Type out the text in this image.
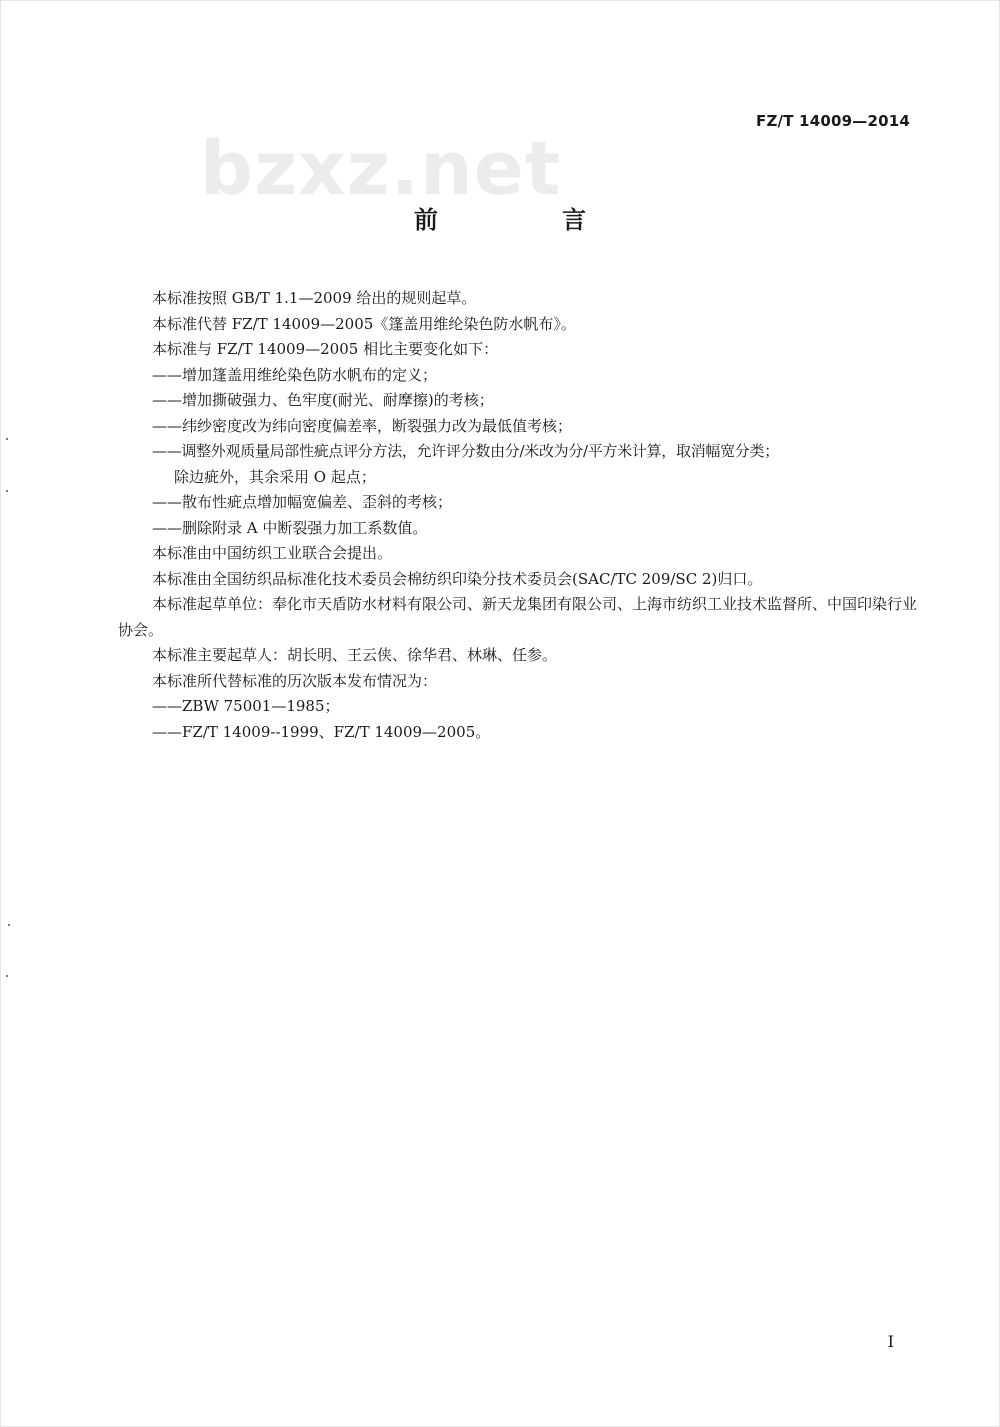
FZ/T 14009—2014
bzxz.net
前　言

本标准按照 GB/T 1.1—2009 给出的规则起草。

本标准代替 FZ/T 14009—2005《篷盖用维纶染色防水帆布》。

本标准与 FZ/T 14009—2005 相比主要变化如下：

——增加篷盖用维纶染色防水帆布的定义；

——增加撕破强力、色牢度(耐光、耐摩擦)的考核；

——纬纱密度改为纬向密度偏差率，断裂强力改为最低值考核；

——调整外观质量局部性疵点评分方法，允许评分数由分/米改为分/平方米计算，取消幅宽分类；

除边疵外，其余采用 O 起点；

——散布性疵点增加幅宽偏差、歪斜的考核；

——删除附录 A 中断裂强力加工系数值。

本标准由中国纺织工业联合会提出。

本标准由全国纺织品标准化技术委员会棉纺织印染分技术委员会(SAC/TC 209/SC 2)归口。

本标准起草单位：奉化市天盾防水材料有限公司、新天龙集团有限公司、上海市纺织工业技术监督所、中国印染行业协会。

本标准主要起草人：胡长明、王云侠、徐华君、林琳、任参。

本标准所代替标准的历次版本发布情况为：

——ZBW 75001—1985；

——FZ/T 14009--1999、FZ/T 14009—2005。

I
